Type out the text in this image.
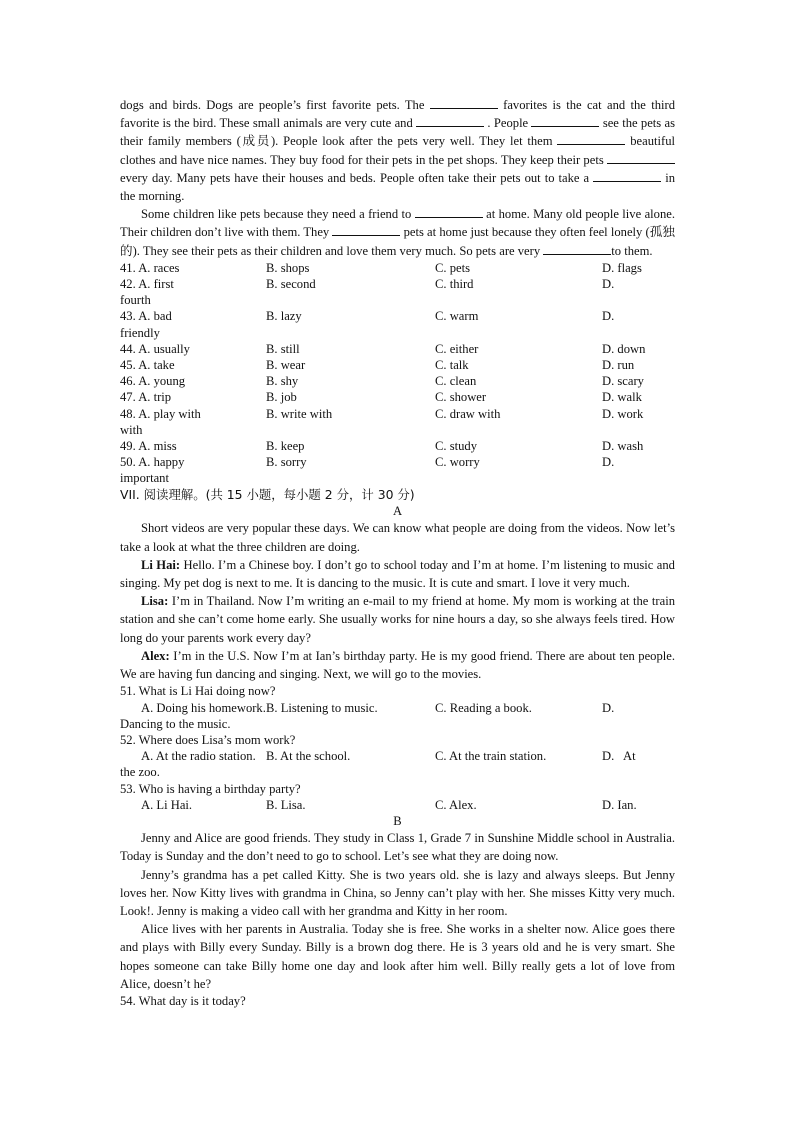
dogs and birds. Dogs are people’s first favorite pets. The	favorites is the cat and the third favorite is the bird. These small animals are very cute and	. People	see the pets as their family members (成员). People look after the pets very well. They let them	beautiful clothes and have nice names. They buy food for their pets in the pet shops. They keep their pets  every day. Many pets have their houses and beds. People often take their pets out to take a	in the morning.

Some children like pets because they need a friend to	at home. Many old people live alone. Their children don’t live with them. They	pets at home just because they often feel lonely (孤独的). They see their pets as their children and love them very much. So pets are very	to them.

41. A. races	B. shops	C. pets	D. flags
42. A. first	B. second	C. third	D.
fourth
43. A. bad	B. lazy	C. warm	D.
friendly
44. A. usually	B. still	C. either	D. down
45. A. take	B. wear	C. talk	D. run
46. A. young	B. shy	C. clean	D. scary
47. A. trip	B. job	C. shower	D. walk
48. A. play with	B. write with	C. draw with	D. work
with
49. A. miss	B. keep	C. study	D. wash
50. A. happy	B. sorry	C. worry	D.
important
VII. 阅读理解。(共 15 小题，每小题 2 分，计 30 分)
A

Short videos are very popular these days. We can know what people are doing from the videos. Now let’s take a look at what the three children are doing.

Li Hai: Hello. I’m a Chinese boy. I don’t go to school today and I’m at home. I’m listening to music and singing. My pet dog is next to me. It is dancing to the music. It is cute and smart. I love it very much.

Lisa: I’m in Thailand. Now I’m writing an e-mail to my friend at home. My mom is working at the train station and she can’t come home early. She usually works for nine hours a day, so she always feels tired. How long do your parents work every day?

Alex: I’m in the U.S. Now I’m at Ian’s birthday party. He is my good friend. There are about ten people. We are having fun dancing and singing. Next, we will go to the movies.

51. What is Li Hai doing now?
A. Doing his homework. B. Listening to music.	C. Reading a book.	D.
Dancing to the music.
52. Where does Lisa’s mom work?
A. At the radio station. B. At the school.	C. At the train station.	D.   At
the zoo.
53. Who is having a birthday party?
A. Li Hai.	B. Lisa.	C. Alex.	D. Ian.
B

Jenny and Alice are good friends. They study in Class 1, Grade 7 in Sunshine Middle school in Australia. Today is Sunday and the don’t need to go to school. Let’s see what they are doing now.

Jenny’s grandma has a pet called Kitty. She is two years old. she is lazy and always sleeps. But Jenny loves her. Now Kitty lives with grandma in China, so Jenny can’t play with her. She misses Kitty very much. Look!. Jenny is making a video call with her grandma and Kitty in her room.

Alice lives with her parents in Australia. Today she is free. She works in a shelter now. Alice goes there and plays with Billy every Sunday. Billy is a brown dog there. He is 3 years old and he is very smart. She hopes someone can take Billy home one day and look after him well. Billy really gets a lot of love from Alice, doesn’t he?

54. What day is it today?
